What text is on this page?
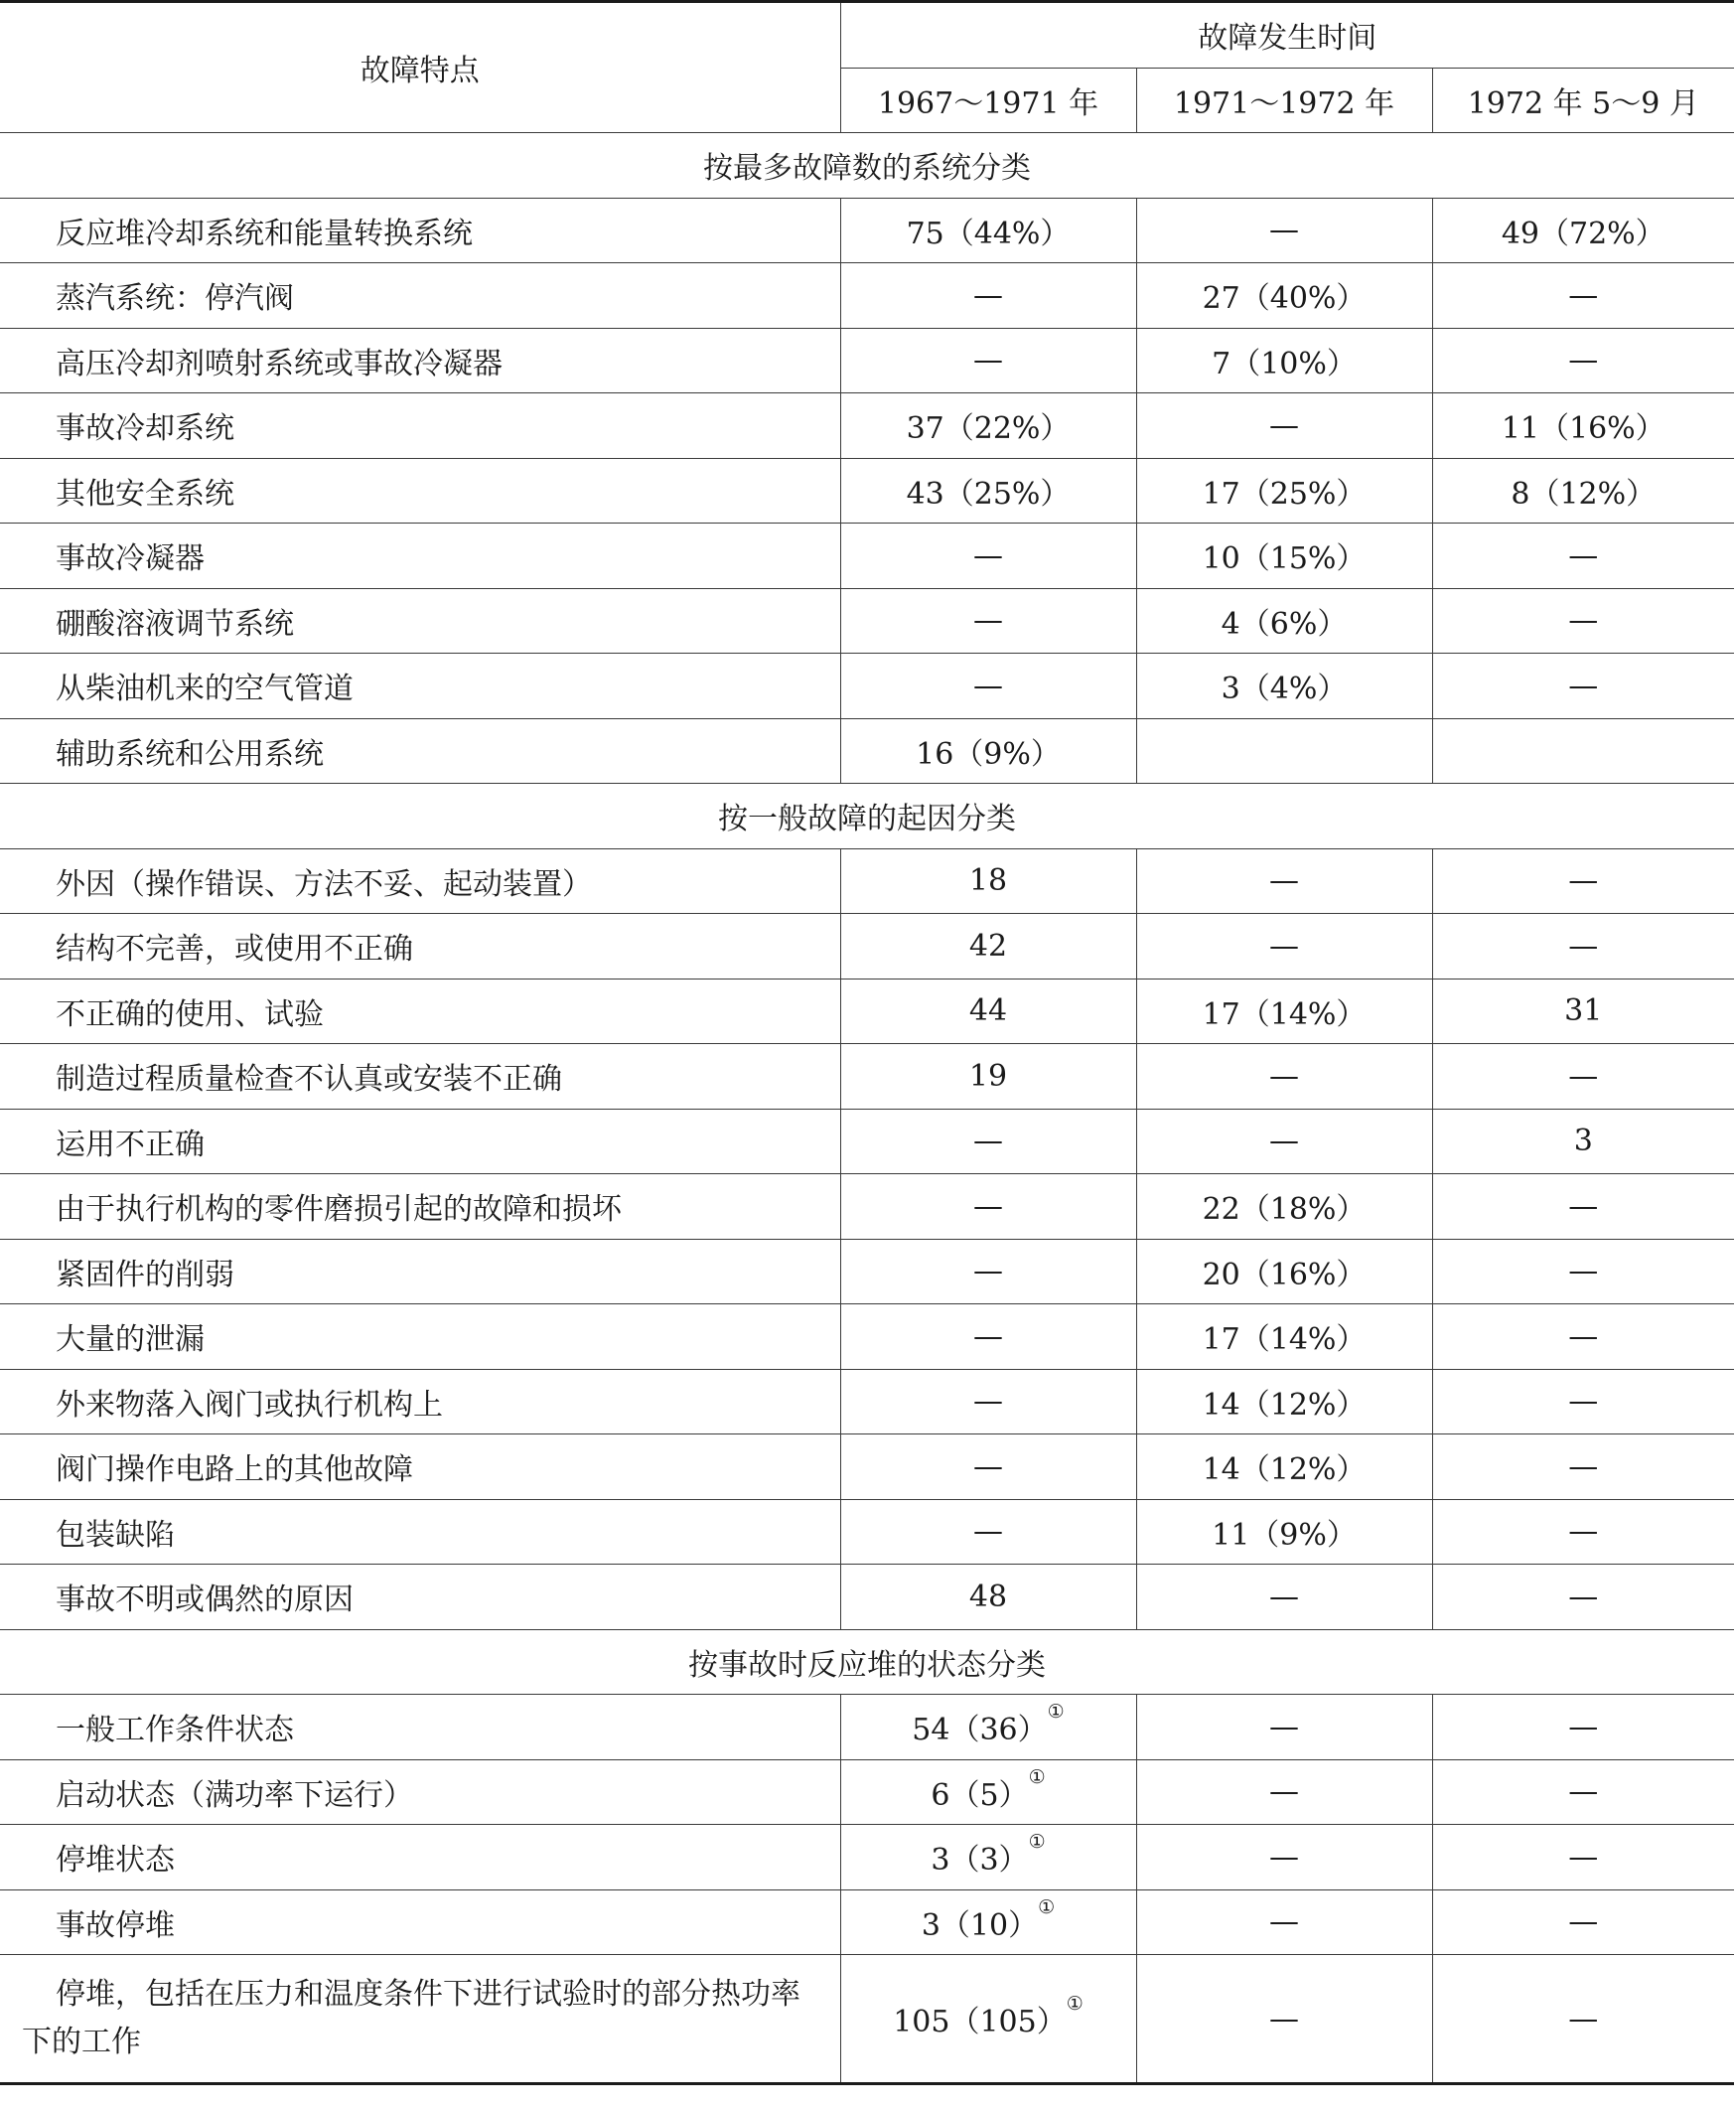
故障特点	故障发生时间		
	1967～1971 年	1971～1972 年	1972 年 5～9 月
按最多故障数的系统分类			
反应堆冷却系统和能量转换系统	75（44%）	—	49（72%）
蒸汽系统：停汽阀	—	27（40%）	—
高压冷却剂喷射系统或事故冷凝器	—	7（10%）	—
事故冷却系统	37（22%）	—	11（16%）
其他安全系统	43（25%）	17（25%）	8（12%）
事故冷凝器	—	10（15%）	—
硼酸溶液调节系统	—	4（6%）	—
从柴油机来的空气管道	—	3（4%）	—
辅助系统和公用系统	16（9%）		
按一般故障的起因分类			
外因（操作错误、方法不妥、起动装置）	18	—	—
结构不完善，或使用不正确	42	—	—
不正确的使用、试验	44	17（14%）	31
制造过程质量检查不认真或安装不正确	19	—	—
运用不正确	—	—	3
由于执行机构的零件磨损引起的故障和损坏	—	22（18%）	—
紧固件的削弱	—	20（16%）	—
大量的泄漏	—	17（14%）	—
外来物落入阀门或执行机构上	—	14（12%）	—
阀门操作电路上的其他故障	—	14（12%）	—
包装缺陷	—	11（9%）	—
事故不明或偶然的原因	48	—	—
按事故时反应堆的状态分类			
一般工作条件状态	54（36）①	—	—
启动状态（满功率下运行）	6（5）①	—	—
停堆状态	3（3）①	—	—
事故停堆	3（10）①	—	—
停堆，包括在压力和温度条件下进行试验时的部分热功率下的工作	105（105）①	—	—
